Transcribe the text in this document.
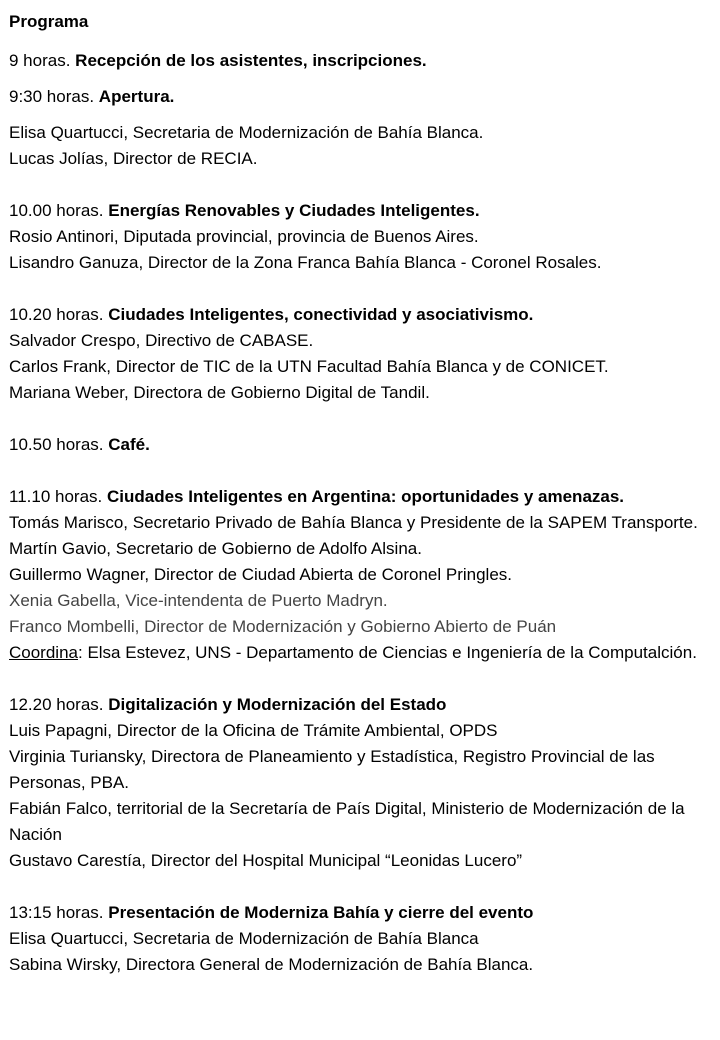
Programa
9 horas. Recepción de los asistentes, inscripciones.
9:30 horas. Apertura.
Elisa Quartucci, Secretaria de Modernización de Bahía Blanca.
Lucas Jolías, Director de RECIA.
10.00 horas. Energías Renovables y Ciudades Inteligentes.
Rosio Antinori, Diputada provincial, provincia de Buenos Aires.
Lisandro Ganuza, Director de la Zona Franca Bahía Blanca - Coronel Rosales.
10.20 horas. Ciudades Inteligentes, conectividad y asociativismo.
Salvador Crespo, Directivo de CABASE.
Carlos Frank, Director de TIC de la UTN Facultad Bahía Blanca y de CONICET.
Mariana Weber, Directora de Gobierno Digital de Tandil.
10.50 horas. Café.
11.10 horas. Ciudades Inteligentes en Argentina: oportunidades y amenazas.
Tomás Marisco, Secretario Privado de Bahía Blanca y Presidente de la SAPEM Transporte.
Martín Gavio, Secretario de Gobierno de Adolfo Alsina.
Guillermo Wagner, Director de Ciudad Abierta de Coronel Pringles.
Xenia Gabella, Vice-intendenta de Puerto Madryn.
Franco Mombelli, Director de Modernización y Gobierno Abierto de Puán
Coordina: Elsa Estevez, UNS - Departamento de Ciencias e Ingeniería de la Computalción.
12.20 horas. Digitalización y Modernización del Estado
Luis Papagni, Director de la Oficina de Trámite Ambiental, OPDS
Virginia Turiansky, Directora de Planeamiento y Estadística, Registro Provincial de las Personas, PBA.
Fabián Falco, territorial de la Secretaría de País Digital, Ministerio de Modernización de la Nación
Gustavo Carestía, Director del Hospital Municipal “Leonidas Lucero”
13:15 horas. Presentación de Moderniza Bahía y cierre del evento
Elisa Quartucci, Secretaria de Modernización de Bahía Blanca
Sabina Wirsky, Directora General de Modernización de Bahía Blanca.
